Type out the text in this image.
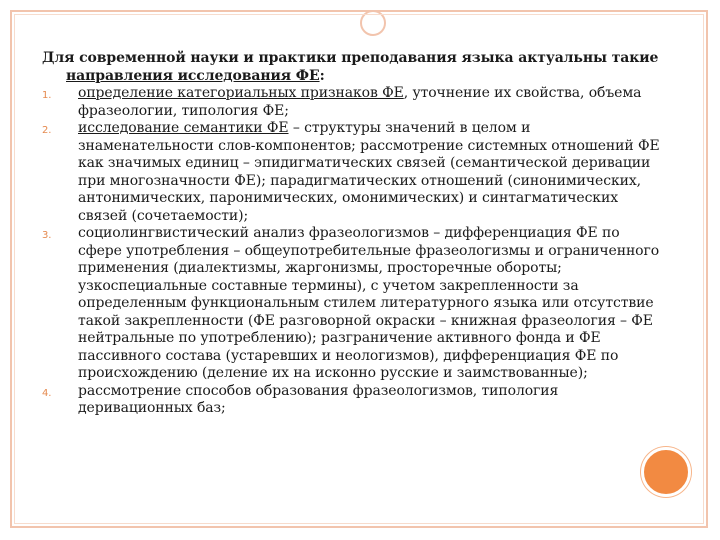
Для современной науки и практики преподавания языка актуальны такие направления исследования ФЕ:

1. определение категориальных признаков ФЕ, уточнение их свойства, объема фразеологии, типология ФЕ;
2. исследование семантики ФЕ – структуры значений в целом и знаменательности слов-компонентов; рассмотрение системных отношений ФЕ как значимых единиц – эпидигматических связей (семантической деривации при многозначности ФЕ); парадигматических отношений (синонимических, антонимических, паронимических, омонимических) и синтагматических связей (сочетаемости);
3. социолингвистический анализ фразеологизмов – дифференциация ФЕ по сфере употребления – общеупотребительные фразеологизмы и ограниченного применения (диалектизмы, жаргонизмы, просторечные обороты; узкоспециальные составные термины), с учетом закрепленности за определенным функциональным стилем литературного языка или отсутствие такой закрепленности (ФЕ разговорной окраски – книжная фразеология – ФЕ нейтральные по употреблению); разграничение активного фонда и ФЕ пассивного состава (устаревших и неологизмов), дифференциация ФЕ по происхождению (деление их на исконно русские и заимствованные);
4. рассмотрение способов образования фразеологизмов, типология деривационных баз;
